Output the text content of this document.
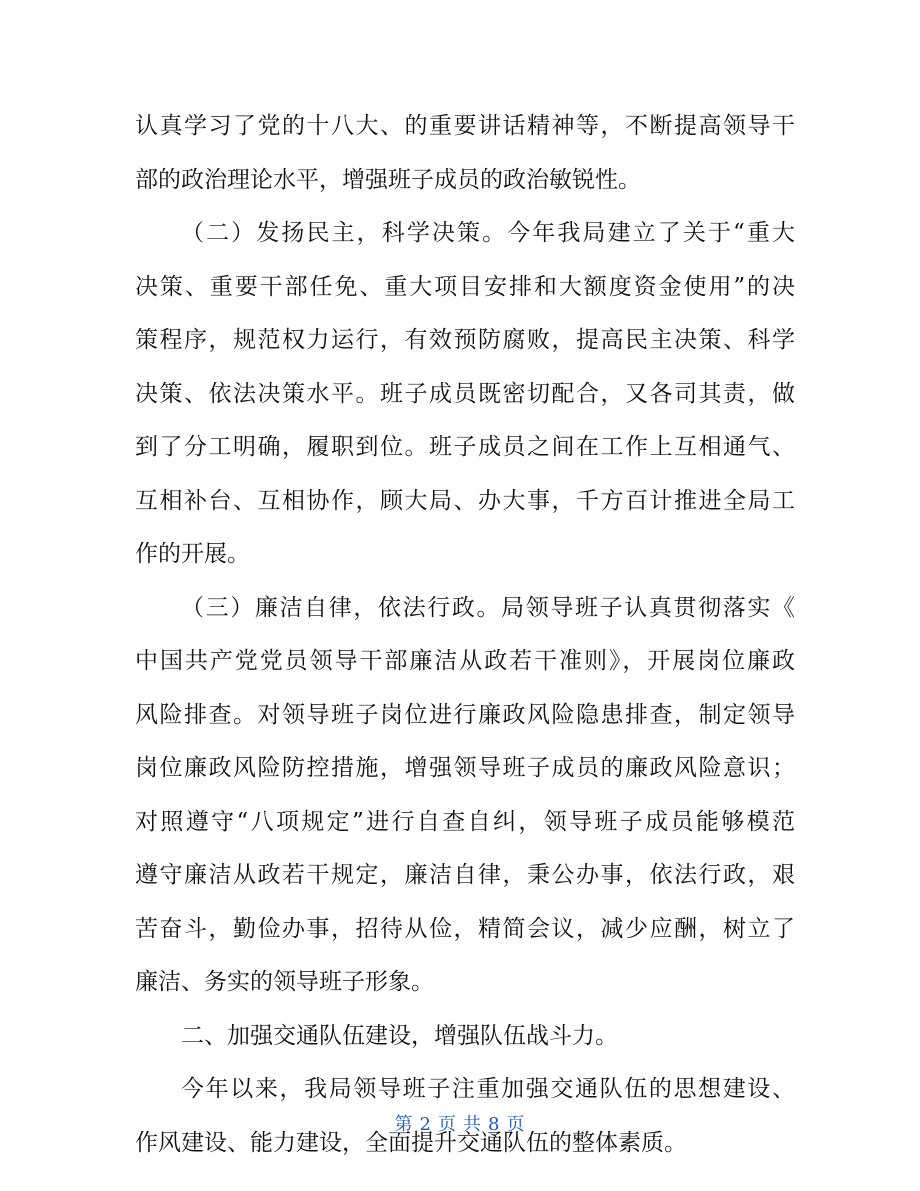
认真学习了党的十八大、的重要讲话精神等，不断提高领导干
部的政治理论水平，增强班子成员的政治敏锐性。
（二）发扬民主，科学决策。今年我局建立了关于“重大
决策、重要干部任免、重大项目安排和大额度资金使用”的决
策程序，规范权力运行，有效预防腐败，提高民主决策、科学
决策、依法决策水平。班子成员既密切配合，又各司其责，做
到了分工明确，履职到位。班子成员之间在工作上互相通气、
互相补台、互相协作，顾大局、办大事，千方百计推进全局工
作的开展。
（三）廉洁自律，依法行政。局领导班子认真贯彻落实《
中国共产党党员领导干部廉洁从政若干准则》，开展岗位廉政
风险排查。对领导班子岗位进行廉政风险隐患排查，制定领导
岗位廉政风险防控措施，增强领导班子成员的廉政风险意识；
对照遵守“八项规定”进行自查自纠，领导班子成员能够模范
遵守廉洁从政若干规定，廉洁自律，秉公办事，依法行政，艰
苦奋斗，勤俭办事，招待从俭，精简会议，减少应酬，树立了
廉洁、务实的领导班子形象。
二、加强交通队伍建设，增强队伍战斗力。
今年以来，我局领导班子注重加强交通队伍的思想建设、
作风建设、能力建设，全面提升交通队伍的整体素质。
第 2 页 共 8 页
